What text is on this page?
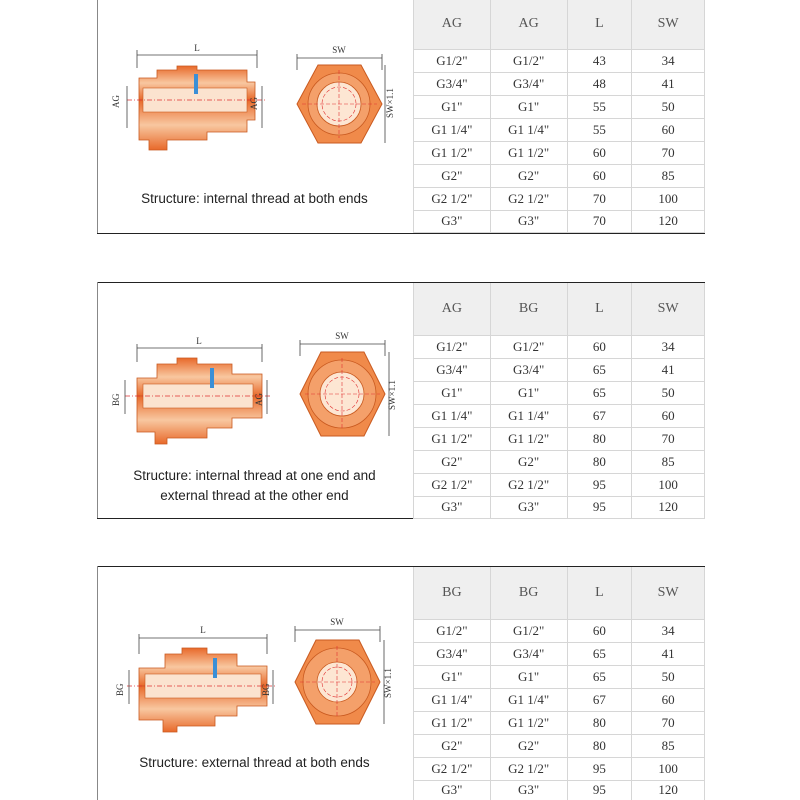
L
AG	AG
SW
SW×1.1
Structure: internal thread at both ends
AG	AG	L	SW
G1/2"	G1/2"	43	34
G3/4"	G3/4"	48	41
G1"	G1"	55	50
G1 1/4"	G1 1/4"	55	60
G1 1/2"	G1 1/2"	60	70
G2"	G2"	60	85
G2 1/2"	G2 1/2"	70	100
G3"	G3"	70	120
L
BG	AG
SW
SW×1.1
Structure: internal thread at one end and
external thread at the other end
AG	BG	L	SW
G1/2"	G1/2"	60	34
G3/4"	G3/4"	65	41
G1"	G1"	65	50
G1 1/4"	G1 1/4"	67	60
G1 1/2"	G1 1/2"	80	70
G2"	G2"	80	85
G2 1/2"	G2 1/2"	95	100
G3"	G3"	95	120
L
BG	BG
SW
SW×1.1
Structure: external thread at both ends
BG	BG	L	SW
G1/2"	G1/2"	60	34
G3/4"	G3/4"	65	41
G1"	G1"	65	50
G1 1/4"	G1 1/4"	67	60
G1 1/2"	G1 1/2"	80	70
G2"	G2"	80	85
G2 1/2"	G2 1/2"	95	100
G3"	G3"	95	120
